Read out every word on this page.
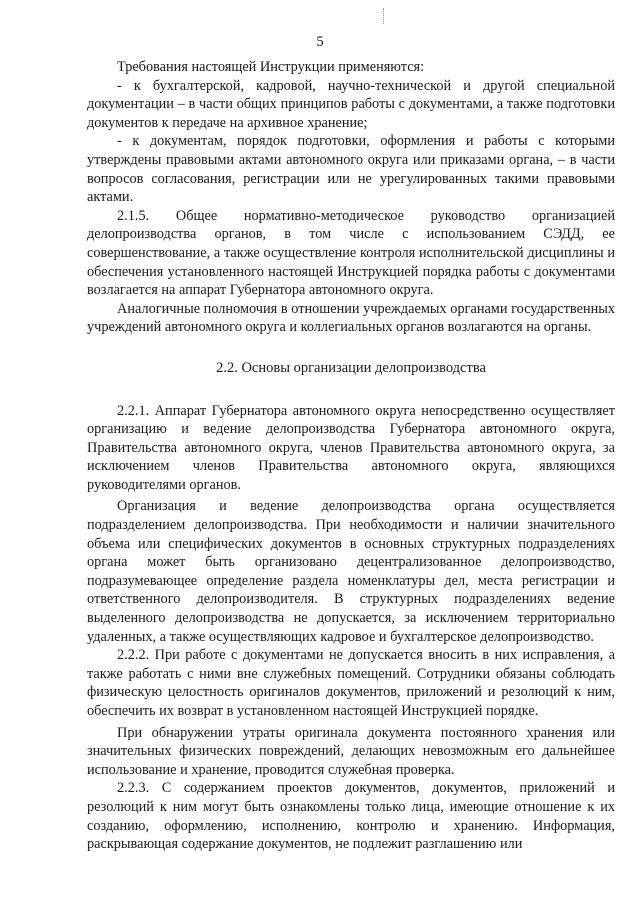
5

Требования настоящей Инструкции применяются:

- к бухгалтерской, кадровой, научно-технической и другой специальной документации – в части общих принципов работы с документами, а также подготовки документов к передаче на архивное хранение;

- к документам, порядок подготовки, оформления и работы с которыми утверждены правовыми актами автономного округа или приказами органа, – в части вопросов согласования, регистрации или не урегулированных такими правовыми актами.

2.1.5. Общее нормативно-методическое руководство организацией делопроизводства органов, в том числе с использованием СЭДД, ее совершенствование, а также осуществление контроля исполнительской дисциплины и обеспечения установленного настоящей Инструкцией порядка работы с документами возлагается на аппарат Губернатора автономного округа.

Аналогичные полномочия в отношении учреждаемых органами государственных учреждений автономного округа и коллегиальных органов возлагаются на органы.

2.2. Основы организации делопроизводства

2.2.1. Аппарат Губернатора автономного округа непосредственно осуществляет организацию и ведение делопроизводства Губернатора автономного округа, Правительства автономного округа, членов Правительства автономного округа, за исключением членов Правительства автономного округа, являющихся руководителями органов.

Организация и ведение делопроизводства органа осуществляется подразделением делопроизводства. При необходимости и наличии значительного объема или специфических документов в основных структурных подразделениях органа может быть организовано децентрализованное делопроизводство, подразумевающее определение раздела номенклатуры дел, места регистрации и ответственного делопроизводителя. В структурных подразделениях ведение выделенного делопроизводства не допускается, за исключением территориально удаленных, а также осуществляющих кадровое и бухгалтерское делопроизводство.

2.2.2. При работе с документами не допускается вносить в них исправления, а также работать с ними вне служебных помещений. Сотрудники обязаны соблюдать физическую целостность оригиналов документов, приложений и резолюций к ним, обеспечить их возврат в установленном настоящей Инструкцией порядке.

При обнаружении утраты оригинала документа постоянного хранения или значительных физических повреждений, делающих невозможным его дальнейшее использование и хранение, проводится служебная проверка.

2.2.3. С содержанием проектов документов, документов, приложений и резолюций к ним могут быть ознакомлены только лица, имеющие отношение к их созданию, оформлению, исполнению, контролю и хранению. Информация, раскрывающая содержание документов, не подлежит разглашению или
